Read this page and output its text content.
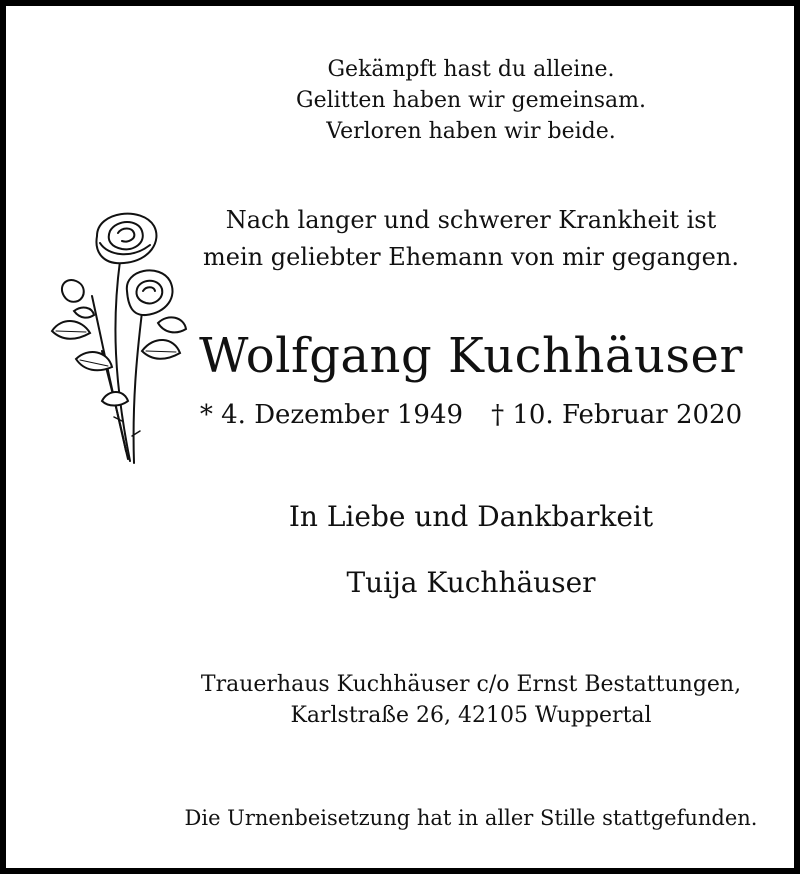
Gekämpft hast du alleine.
Gelitten haben wir gemeinsam.
Verloren haben wir beide.
Nach langer und schwerer Krankheit ist
mein geliebter Ehemann von mir gegangen.
Wolfgang Kuchhäuser
* 4. Dezember 1949 † 10. Februar 2020
In Liebe und Dankbarkeit
Tuija Kuchhäuser
Trauerhaus Kuchhäuser c/o Ernst Bestattungen,
Karlstraße 26, 42105 Wuppertal
Die Urnenbeisetzung hat in aller Stille stattgefunden.
